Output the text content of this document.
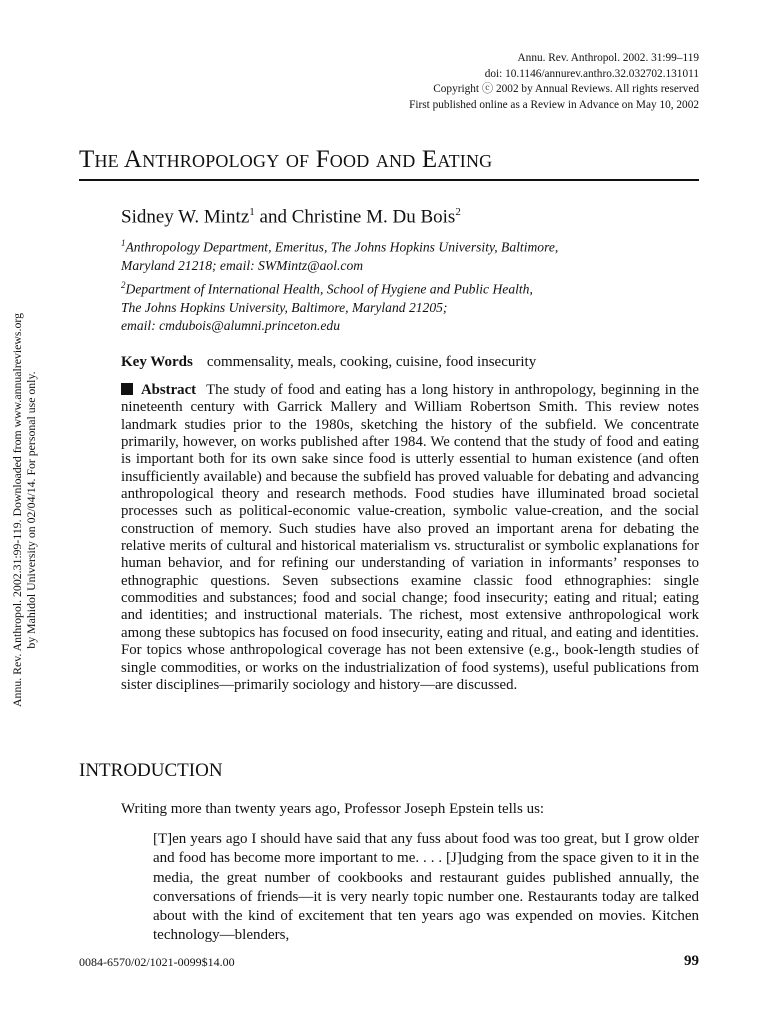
Annu. Rev. Anthropol. 2002. 31:99–119
doi: 10.1146/annurev.anthro.32.032702.131011
Copyright ⓒ 2002 by Annual Reviews. All rights reserved
First published online as a Review in Advance on May 10, 2002
The Anthropology of Food and Eating
Sidney W. Mintz$^1$ and Christine M. Du Bois$^2$
$^1$Anthropology Department, Emeritus, The Johns Hopkins University, Baltimore,
Maryland 21218; email: SWMintz@aol.com
$^2$Department of International Health, School of Hygiene and Public Health,
The Johns Hopkins University, Baltimore, Maryland 21205;
email: cmdubois@alumni.princeton.edu
Key Words commensality, meals, cooking, cuisine, food insecurity
Abstract The study of food and eating has a long history in anthropology, beginning in the nineteenth century with Garrick Mallery and William Robertson Smith. This review notes landmark studies prior to the 1980s, sketching the history of the subfield. We concentrate primarily, however, on works published after 1984. We contend that the study of food and eating is important both for its own sake since food is utterly essential to human existence (and often insufficiently available) and because the subfield has proved valuable for debating and advancing anthropological theory and research methods. Food studies have illuminated broad societal processes such as political-economic value-creation, symbolic value-creation, and the social construction of memory. Such studies have also proved an important arena for debating the relative merits of cultural and historical materialism vs. structuralist or symbolic explanations for human behavior, and for refining our understanding of variation in informants’ responses to ethnographic questions. Seven subsections examine classic food ethnographies: single commodities and substances; food and social change; food insecurity; eating and ritual; eating and identities; and instructional materials. The richest, most extensive anthropological work among these subtopics has focused on food insecurity, eating and ritual, and eating and identities. For topics whose anthropological coverage has not been extensive (e.g., book-length studies of single commodities, or works on the industrialization of food systems), useful publications from sister disciplines—primarily sociology and history—are discussed.
INTRODUCTION
Writing more than twenty years ago, Professor Joseph Epstein tells us:
[T]en years ago I should have said that any fuss about food was too great, but I grow older and food has become more important to me. . . . [J]udging from the space given to it in the media, the great number of cookbooks and restaurant guides published annually, the conversations of friends—it is very nearly topic number one. Restaurants today are talked about with the kind of excitement that ten years ago was expended on movies. Kitchen technology—blenders,
0084-6570/02/1021-0099$14.00	99
Annu. Rev. Anthropol. 2002.31:99-119. Downloaded from www.annualreviews.org by Mahidol University on 02/04/14. For personal use only.
